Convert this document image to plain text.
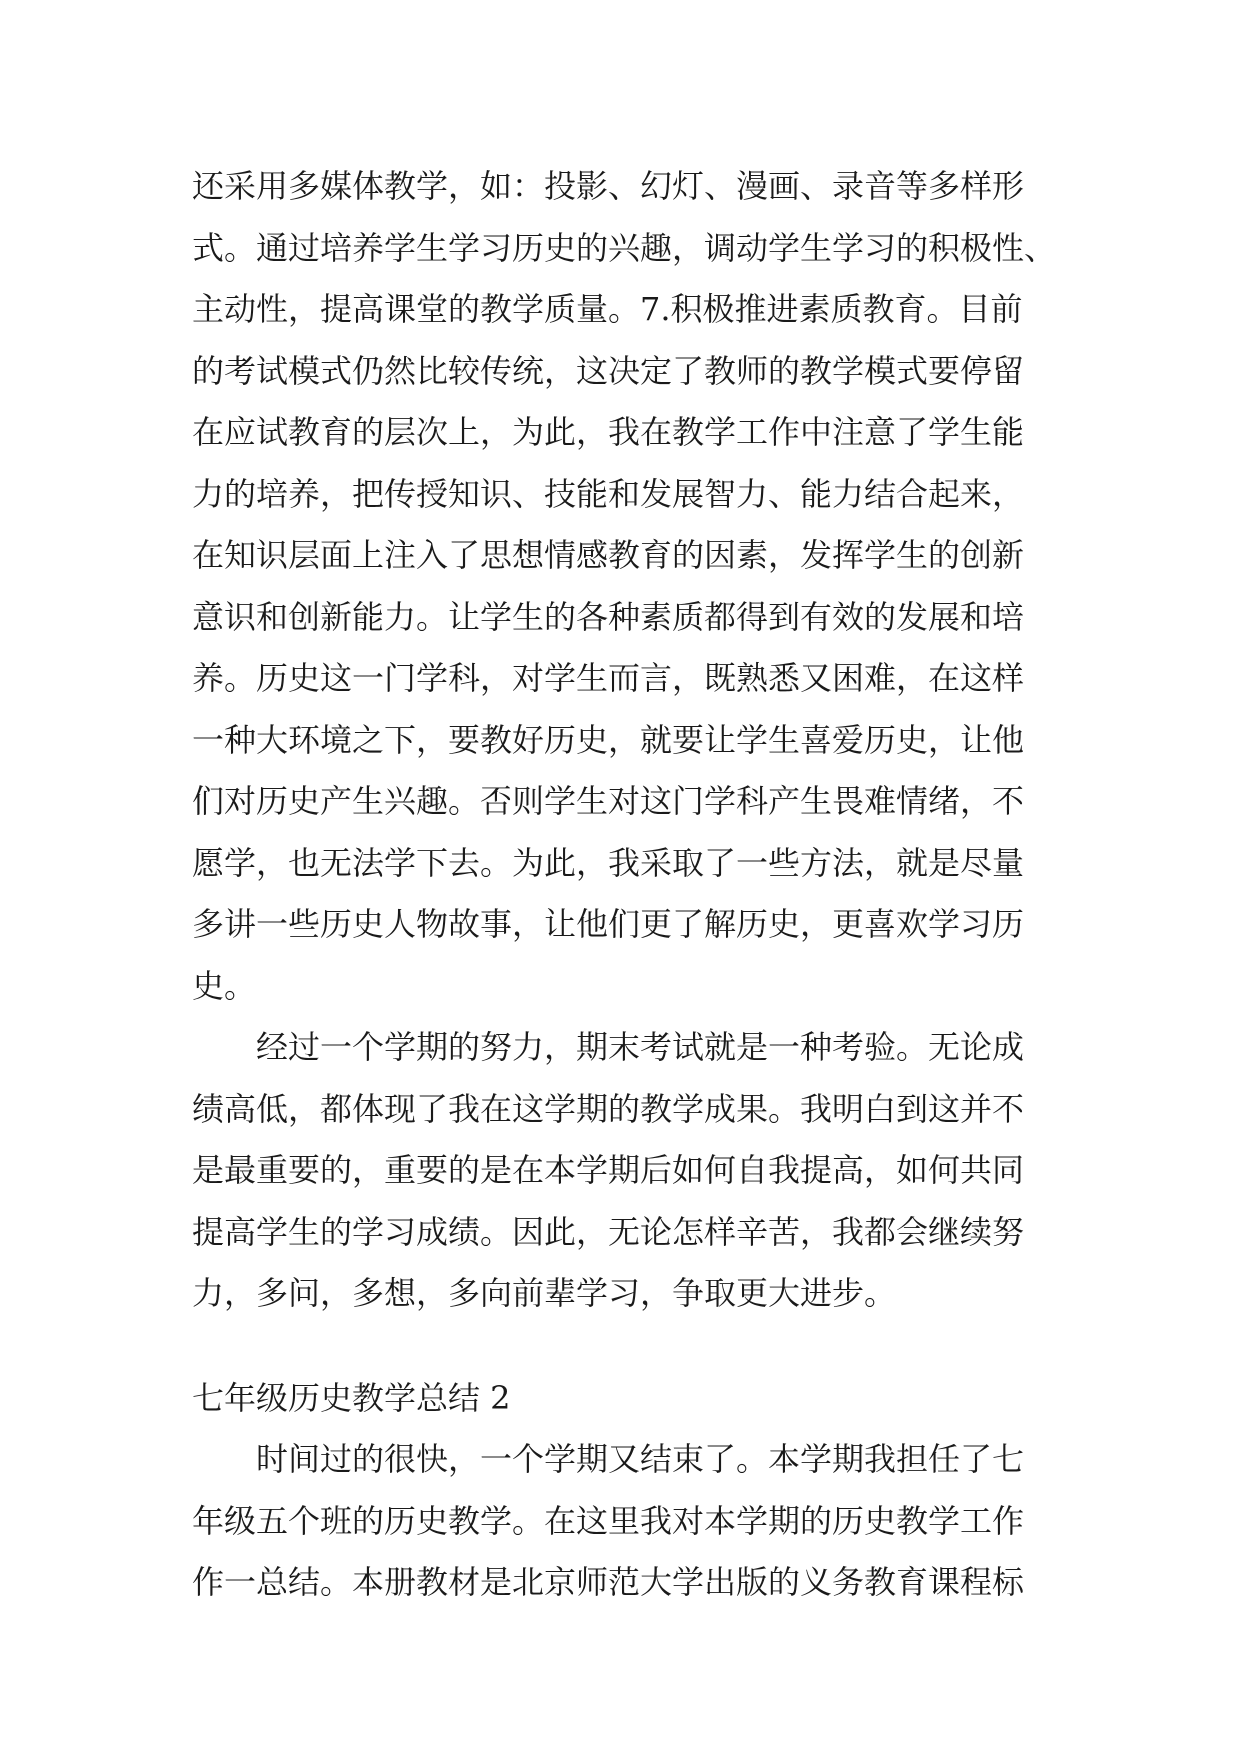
还采用多媒体教学，如：投影、幻灯、漫画、录音等多样形
式。通过培养学生学习历史的兴趣，调动学生学习的积极性、
主动性，提高课堂的教学质量。7.积极推进素质教育。目前
的考试模式仍然比较传统，这决定了教师的教学模式要停留
在应试教育的层次上，为此，我在教学工作中注意了学生能
力的培养，把传授知识、技能和发展智力、能力结合起来，
在知识层面上注入了思想情感教育的因素，发挥学生的创新
意识和创新能力。让学生的各种素质都得到有效的发展和培
养。历史这一门学科，对学生而言，既熟悉又困难，在这样
一种大环境之下，要教好历史，就要让学生喜爱历史，让他
们对历史产生兴趣。否则学生对这门学科产生畏难情绪，不
愿学，也无法学下去。为此，我采取了一些方法，就是尽量
多讲一些历史人物故事，让他们更了解历史，更喜欢学习历
史。
经过一个学期的努力，期末考试就是一种考验。无论成
绩高低，都体现了我在这学期的教学成果。我明白到这并不
是最重要的，重要的是在本学期后如何自我提高，如何共同
提高学生的学习成绩。因此，无论怎样辛苦，我都会继续努
力，多问，多想，多向前辈学习，争取更大进步。
七年级历史教学总结 2
时间过的很快，一个学期又结束了。本学期我担任了七
年级五个班的历史教学。在这里我对本学期的历史教学工作
作一总结。本册教材是北京师范大学出版的义务教育课程标
